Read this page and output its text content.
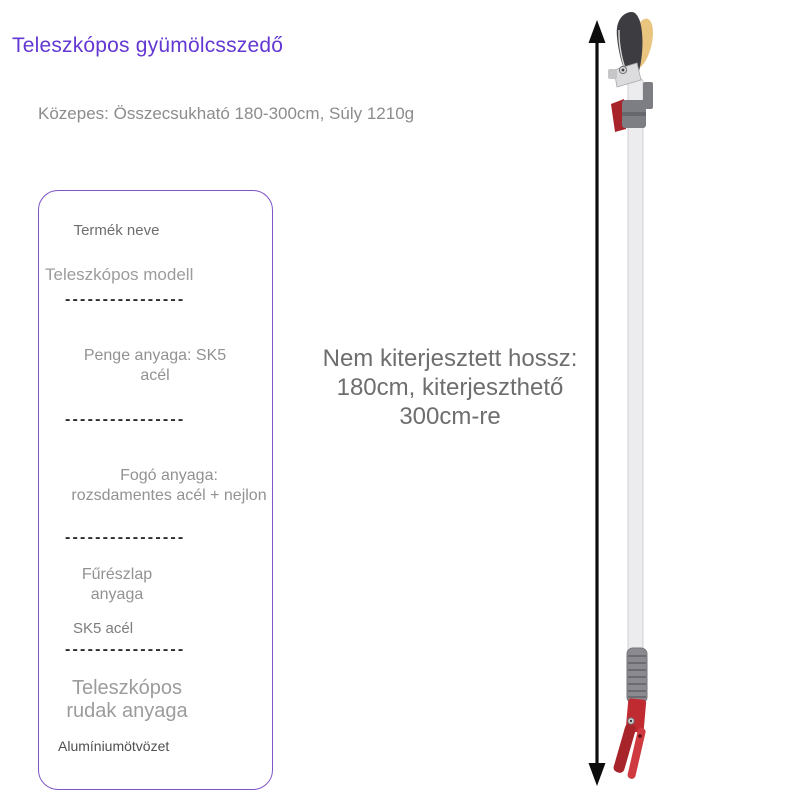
Teleszkópos gyümölcsszedő
Közepes: Összecsukható 180-300cm, Súly 1210g
Termék neve
Teleszkópos modell
----------------
Penge anyaga: SK5
acél
----------------
Fogó anyaga:
rozsdamentes acél + nejlon
----------------
Fűrészlap
anyaga
SK5 acél
----------------
Teleszkópos
rudak anyaga
Alumíniumötvözet
Nem kiterjesztett hossz:
180cm, kiterjeszthető
300cm-re
